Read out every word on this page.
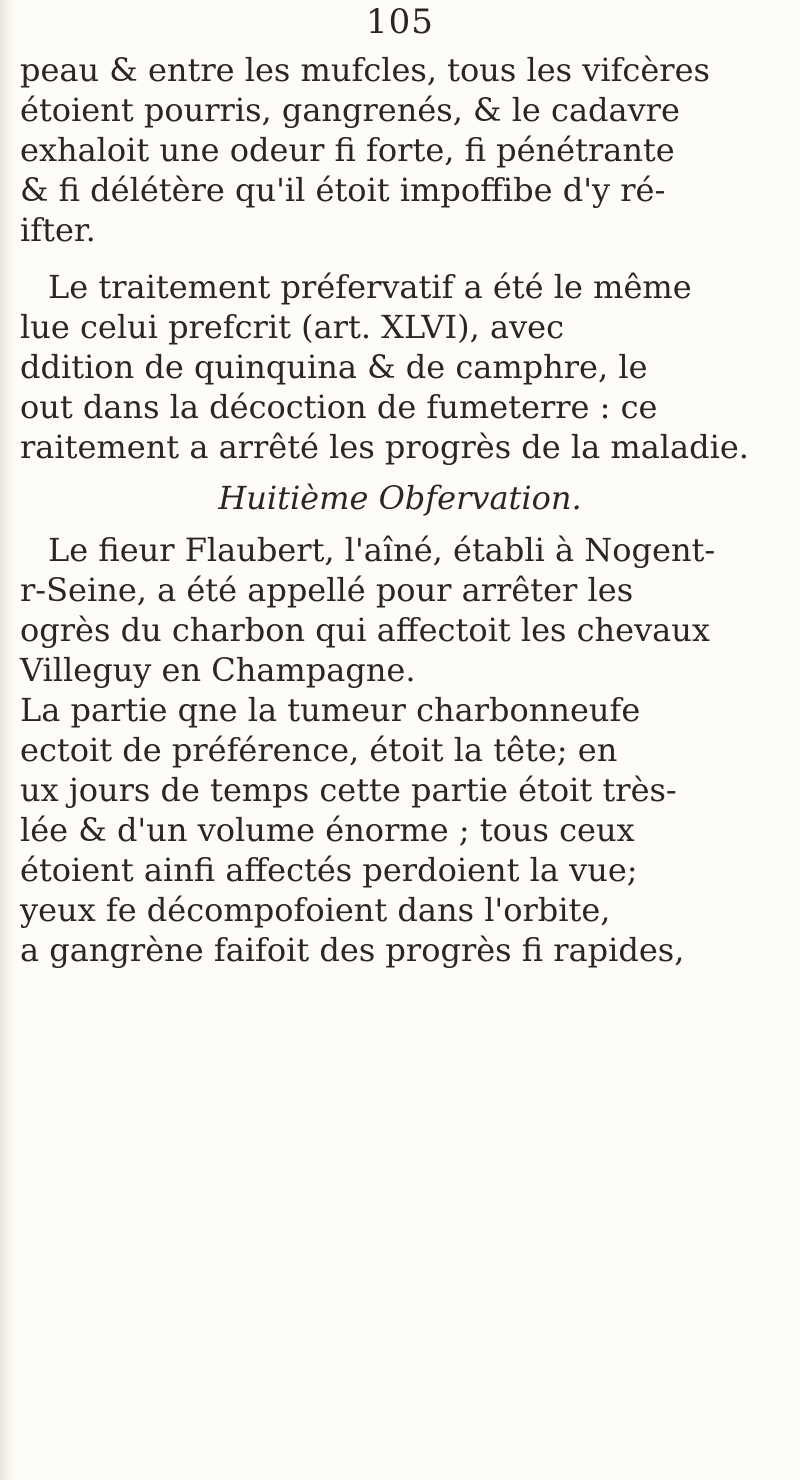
105
peau & entre les mufcles, tous les vifcères
étoient pourris, gangrenés, & le cadavre
exhaloit une odeur fi forte, fi pénétrante
& fi délétère qu'il étoit impoffibe d'y ré-
ifter.
Le traitement préfervatif a été le même
lue celui prefcrit (art. XLVI), avec
ddition de quinquina & de camphre, le
out dans la décoction de fumeterre : ce
raitement a arrêté les progrès de la maladie.
Huitième Obfervation.
Le fieur Flaubert, l'aîné, établi à Nogent-
r-Seine, a été appellé pour arrêter les
ogrès du charbon qui affectoit les chevaux
Villeguy en Champagne.
La partie qne la tumeur charbonneufe
ectoit de préférence, étoit la tête; en
ux jours de temps cette partie étoit très-
lée & d'un volume énorme ; tous ceux
étoient ainfi affectés perdoient la vue;
yeux fe décompofoient dans l'orbite,
a gangrène faifoit des progrès fi rapides,
